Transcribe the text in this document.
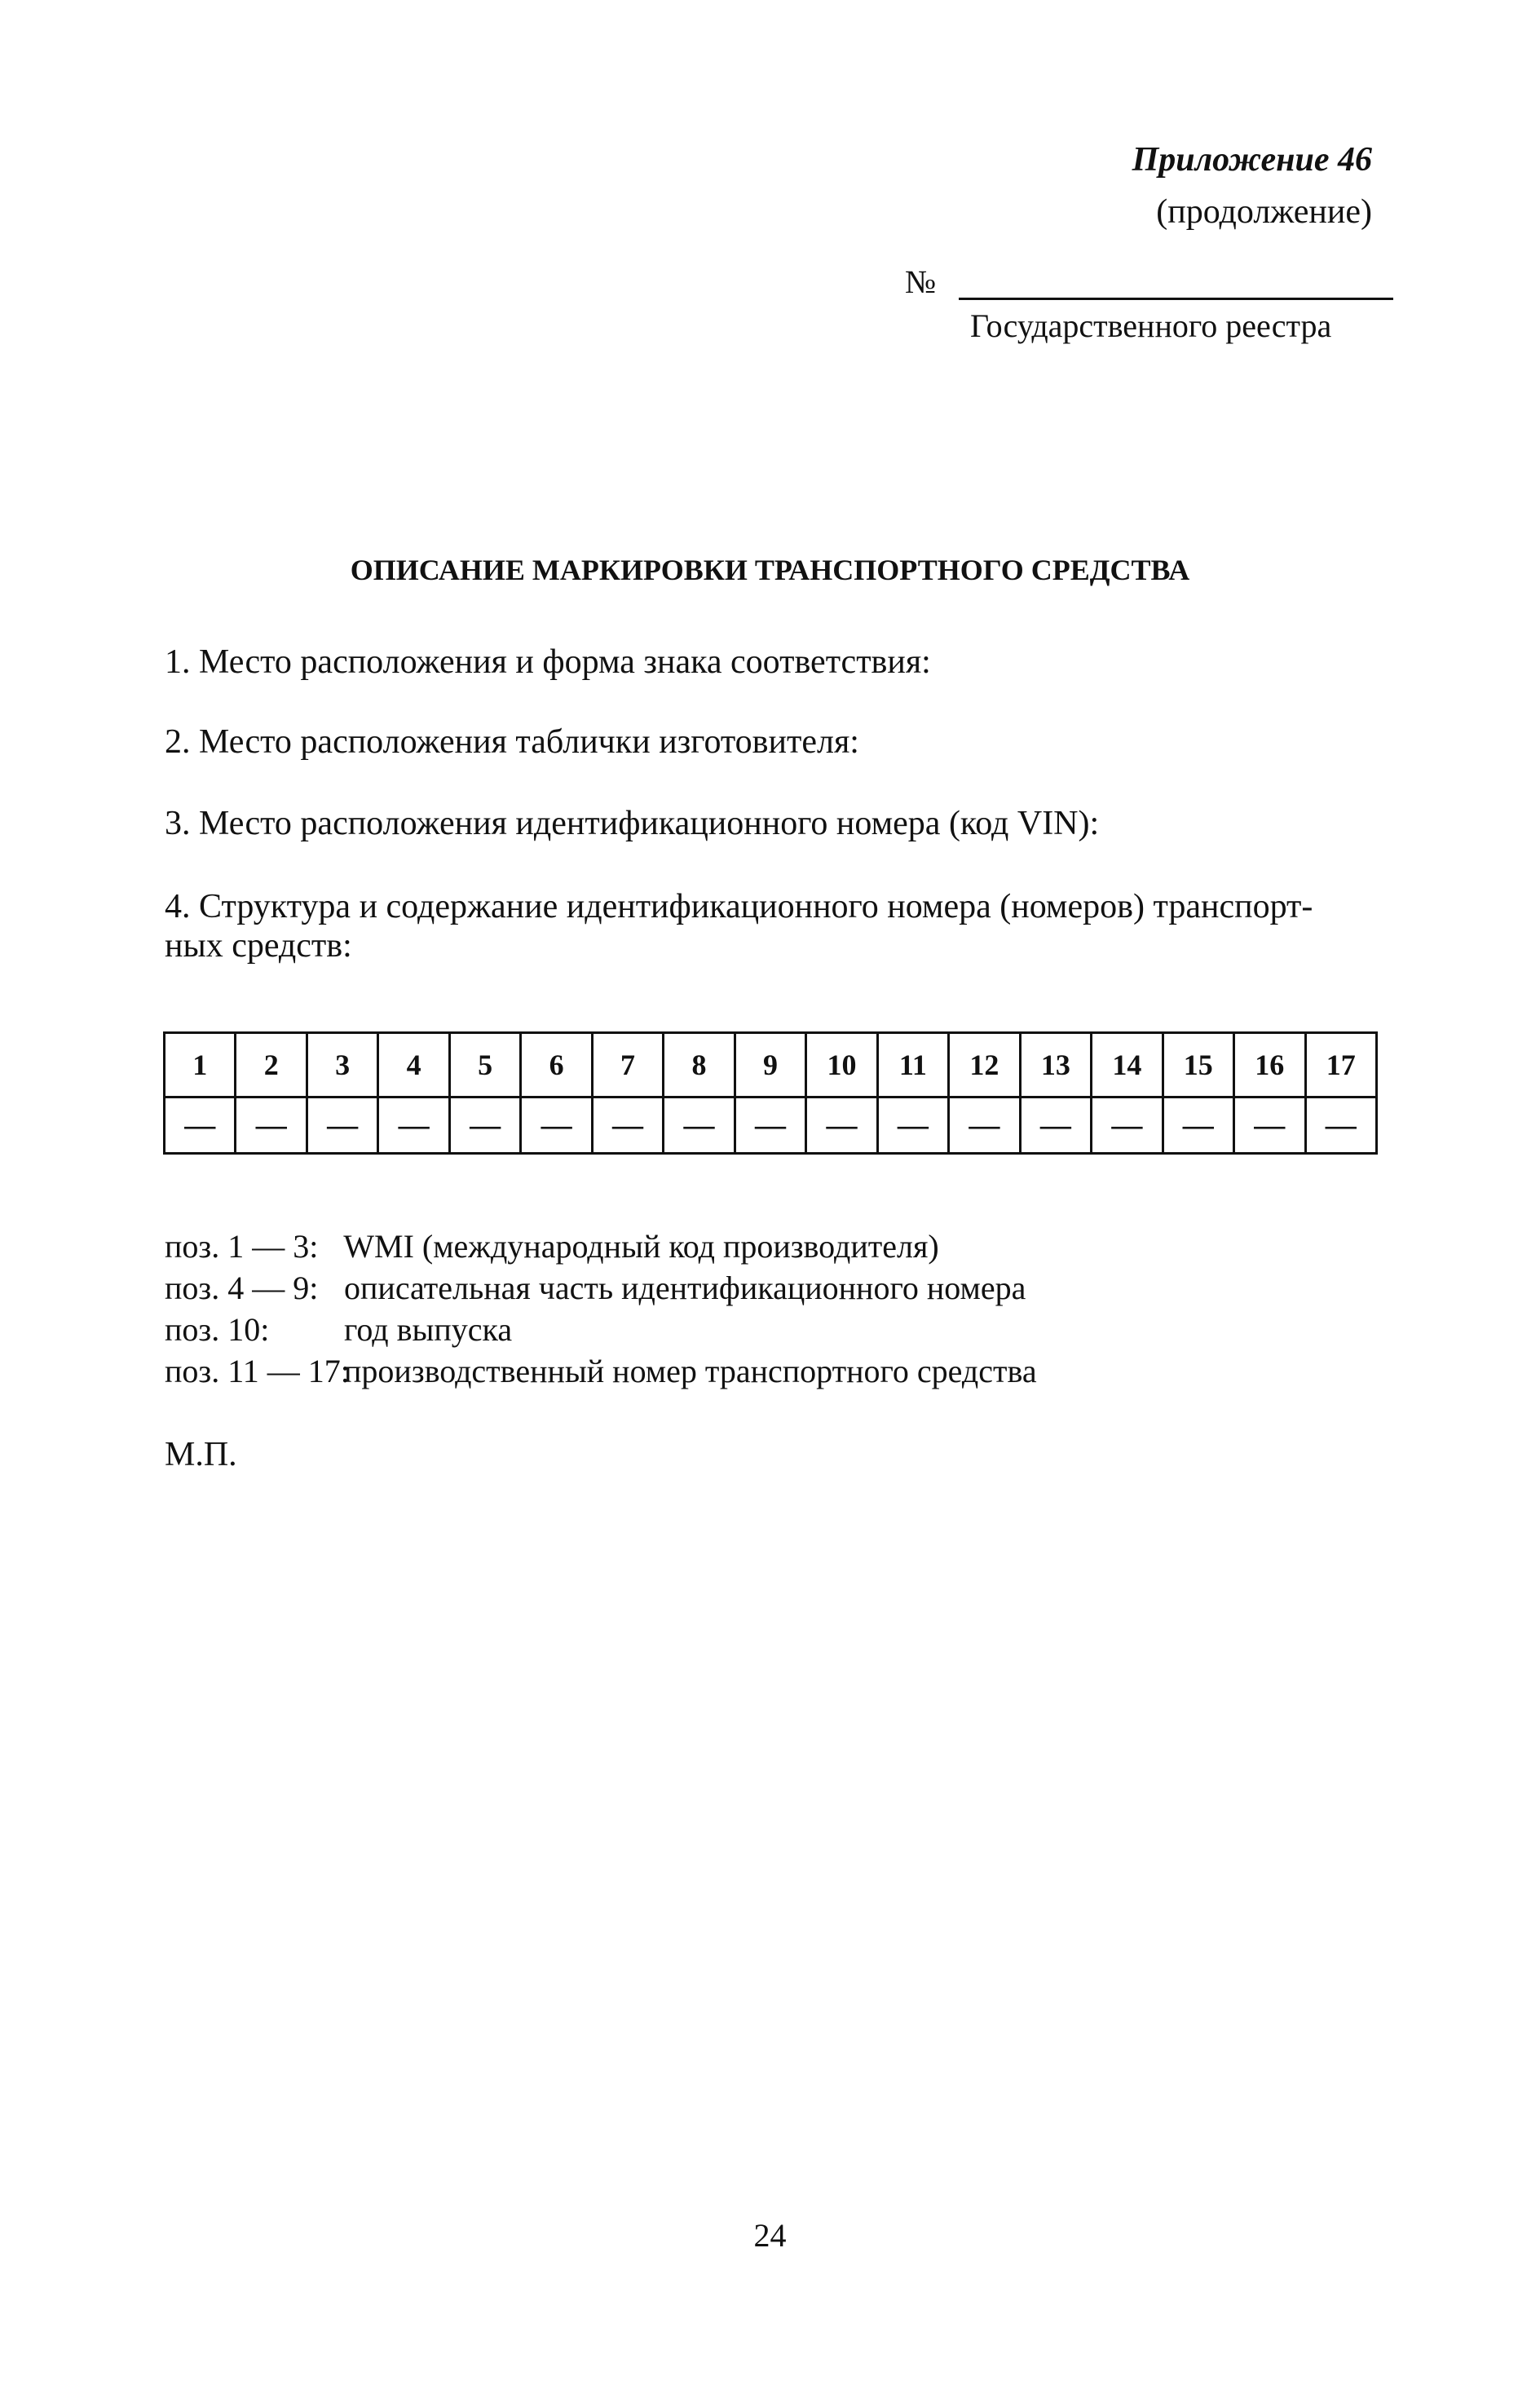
Приложение 46
(продолжение)
№
Государственного реестра
ОПИСАНИЕ МАРКИРОВКИ ТРАНСПОРТНОГО СРЕДСТВА
1. Место расположения и форма знака соответствия:
2. Место расположения таблички изготовителя:
3. Место расположения идентификационного номера (код VIN):
4. Структура и содержание идентификационного номера (номеров) транспорт-
ных средств:
1	2	3	4	5	6	7	8	9	10	11	12	13	14	15	16	17
—	—	—	—	—	—	—	—	—	—	—	—	—	—	—	—	—
поз. 1 — 3: WMI (международный код производителя)
поз. 4 — 9: описательная часть идентификационного номера
поз. 10: год выпуска
поз. 11 — 17: производственный номер транспортного средства
М.П.
24
